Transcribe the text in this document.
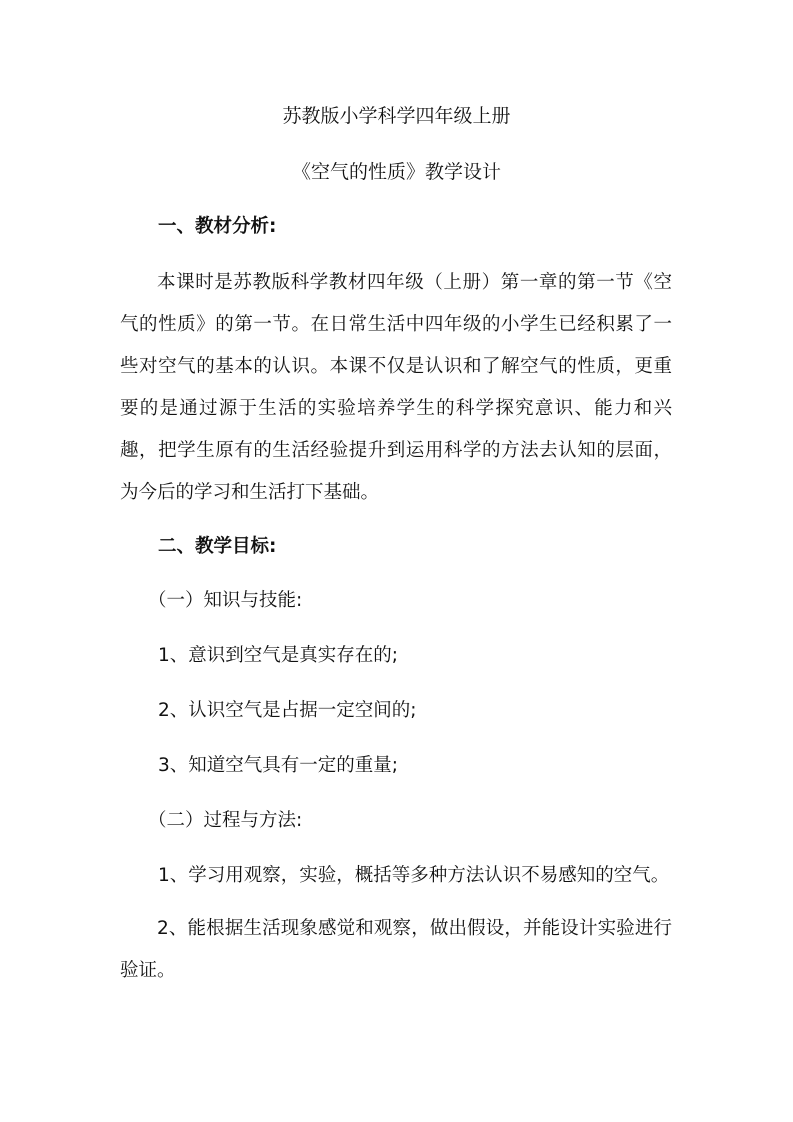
苏教版小学科学四年级上册
《空气的性质》教学设计
一、教材分析:
本课时是苏教版科学教材四年级（上册）第一章的第一节《空气的性质》的第一节。在日常生活中四年级的小学生已经积累了一些对空气的基本的认识。本课不仅是认识和了解空气的性质，更重要的是通过源于生活的实验培养学生的科学探究意识、能力和兴趣，把学生原有的生活经验提升到运用科学的方法去认知的层面，为今后的学习和生活打下基础。
二、教学目标:
（一）知识与技能:
1、意识到空气是真实存在的;
2、认识空气是占据一定空间的;
3、知道空气具有一定的重量;
（二）过程与方法:
1、学习用观察，实验，概括等多种方法认识不易感知的空气。
2、能根据生活现象感觉和观察，做出假设，并能设计实验进行验证。
